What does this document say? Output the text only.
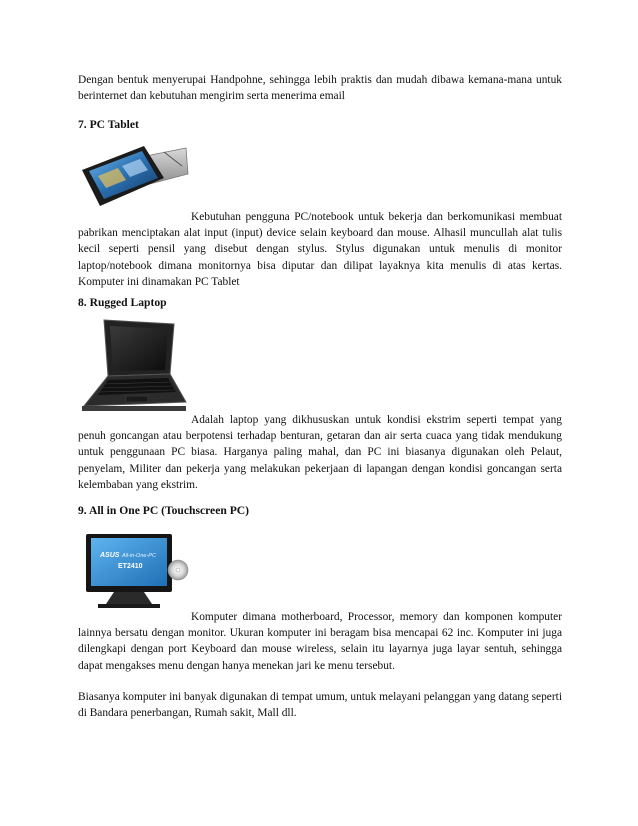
Dengan bentuk menyerupai Handpohne, sehingga lebih praktis dan mudah dibawa kemana-mana untuk berinternet dan kebutuhan mengirim serta menerima email

7. PC Tablet

Kebutuhan pengguna PC/notebook untuk bekerja dan berkomunikasi membuat pabrikan menciptakan alat input (input) device selain keyboard dan mouse. Alhasil muncullah alat tulis kecil seperti pensil yang disebut dengan stylus. Stylus digunakan untuk menulis di monitor laptop/notebook dimana monitornya bisa diputar dan dilipat layaknya kita menulis di atas kertas. Komputer ini dinamakan PC Tablet

8. Rugged Laptop

Adalah laptop yang dikhususkan untuk kondisi ekstrim seperti tempat yang penuh goncangan atau berpotensi terhadap benturan, getaran dan air serta cuaca yang tidak mendukung untuk penggunaan PC biasa. Harganya paling mahal, dan PC ini biasanya digunakan oleh Pelaut, penyelam, Militer dan pekerja yang melakukan pekerjaan di lapangan dengan kondisi goncangan serta kelembaban yang ekstrim.

9. All in One PC (Touchscreen PC)

ASUS All-in-One-PC
ET2410

Komputer dimana motherboard, Processor, memory dan komponen komputer lainnya bersatu dengan monitor. Ukuran komputer ini beragam bisa mencapai 62 inc. Komputer ini juga dilengkapi dengan port Keyboard dan mouse wireless, selain itu layarnya juga layar sentuh, sehingga dapat mengakses menu dengan hanya menekan jari ke menu tersebut.

Biasanya komputer ini banyak digunakan di tempat umum, untuk melayani pelanggan yang datang seperti di Bandara penerbangan, Rumah sakit, Mall dll.
